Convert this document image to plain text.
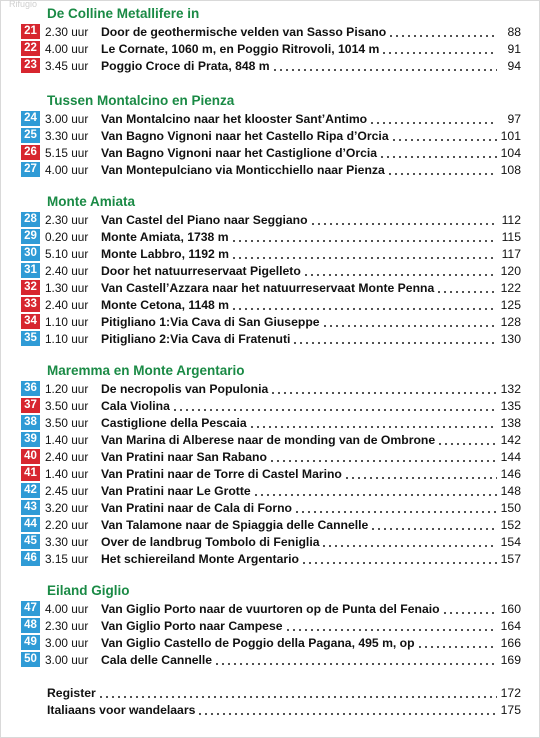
Rifugio
De Colline Metallifere in
21 2.30 uur	Door de geothermische velden van Sasso Pisano	88
22 4.00 uur	Le Cornate, 1060 m, en Poggio Ritrovoli, 1014 m	91
23 3.45 uur	Poggio Croce di Prata, 848 m	94
Tussen Montalcino en Pienza
24 3.00 uur	Van Montalcino naar het klooster Sant’Antimo	97
25 3.30 uur	Van Bagno Vignoni naar het Castello Ripa d’Orcia	101
26 5.15 uur	Van Bagno Vignoni naar het Castiglione d’Orcia	104
27 4.00 uur	Van Montepulciano via Monticchiello naar Pienza	108
Monte Amiata
28 2.30 uur	Van Castel del Piano naar Seggiano	112
29 0.20 uur	Monte Amiata, 1738 m	115
30 5.10 uur	Monte Labbro, 1192 m	117
31 2.40 uur	Door het natuurreservaat Pigelleto	120
32 1.30 uur	Van Castell’Azzara naar het natuurreservaat Monte Penna	122
33 2.40 uur	Monte Cetona, 1148 m	125
34 1.10 uur	Pitigliano 1:Via Cava di San Giuseppe	128
35 1.10 uur	Pitigliano 2:Via Cava di Fratenuti	130
Maremma en Monte Argentario
36 1.20 uur	De necropolis van Populonia	132
37 3.50 uur	Cala Violina	135
38 3.50 uur	Castiglione della Pescaia	138
39 1.40 uur	Van Marina di Alberese naar de monding van de Ombrone	142
40 2.40 uur	Van Pratini naar San Rabano	144
41 1.40 uur	Van Pratini naar de Torre di Castel Marino	146
42 2.45 uur	Van Pratini naar Le Grotte	148
43 3.20 uur	Van Pratini naar de Cala di Forno	150
44 2.20 uur	Van Talamone naar de Spiaggia delle Cannelle	152
45 3.30 uur	Over de landbrug Tombolo di Feniglia	154
46 3.15 uur	Het schiereiland Monte Argentario	157
Eiland Giglio
47 4.00 uur	Van Giglio Porto naar de vuurtoren op de Punta del Fenaio	160
48 2.30 uur	Van Giglio Porto naar Campese	164
49 3.00 uur	Van Giglio Castello de Poggio della Pagana, 495 m, op	166
50 3.00 uur	Cala delle Cannelle	169
Register	172
Italiaans voor wandelaars	175
